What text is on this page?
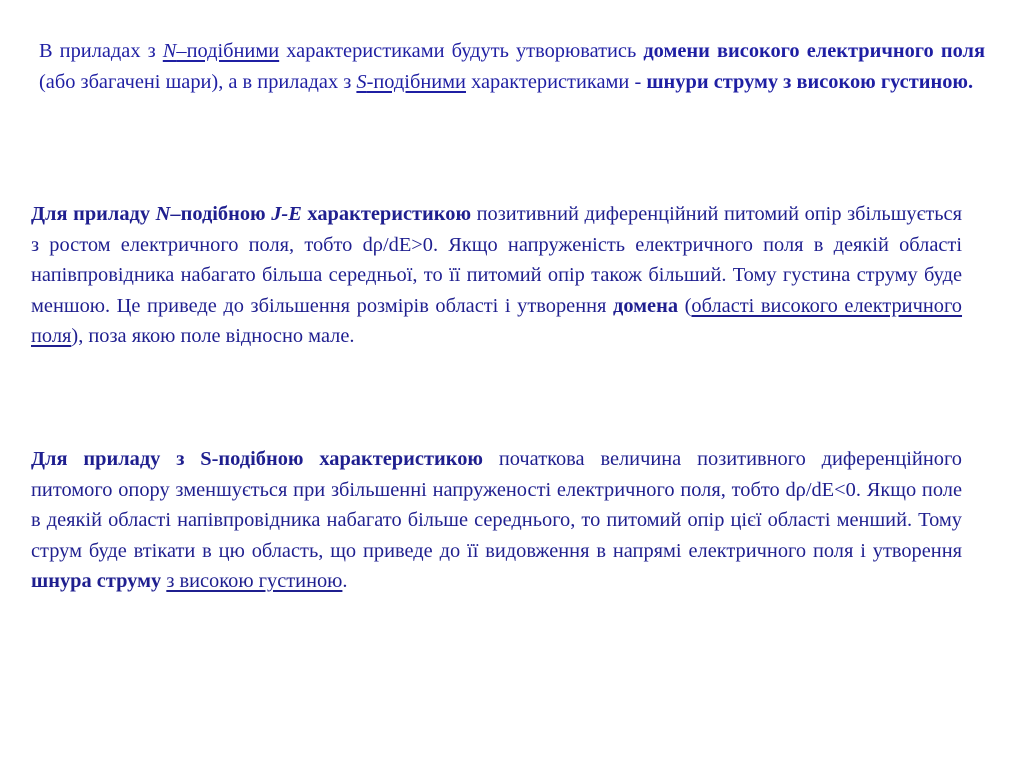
В приладах з N–подібними характеристиками будуть утворюватись домени високого електричного поля (або збагачені шари), а в приладах з S-подібними характеристиками - шнури струму з високою густиною.

Для приладу N–подібною J-E характеристикою позитивний диференційний питомий опір збільшується з ростом електричного поля, тобто dρ/dE>0. Якщо напруженість електричного поля в деякій області напівпровідника набагато більша середньої, то її питомий опір також більший. Тому густина струму буде меншою. Це приведе до збільшення розмірів області і утворення домена (області високого електричного поля), поза якою поле відносно мале.

Для приладу з S-подібною характеристикою початкова величина позитивного диференційного питомого опору зменшується при збільшенні напруженості електричного поля, тобто dρ/dE<0. Якщо поле в деякій області напівпровідника набагато більше середнього, то питомий опір цієї області менший. Тому струм буде втікати в цю область, що приведе до її видовження в напрямі електричного поля і утворення шнура струму з високою густиною.
